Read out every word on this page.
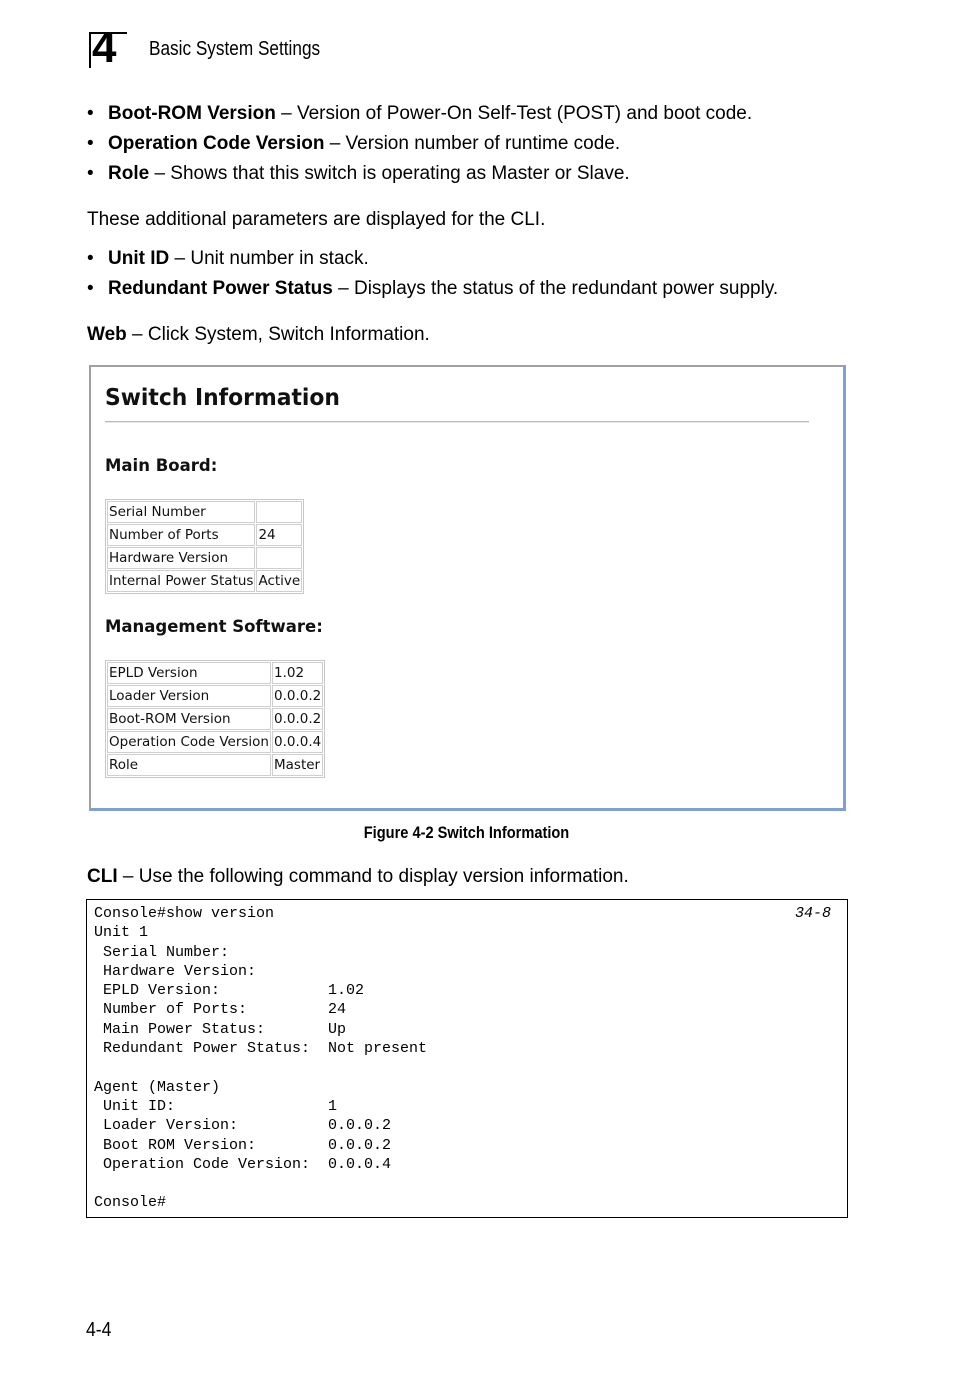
4 Basic System Settings
• Boot-ROM Version – Version of Power-On Self-Test (POST) and boot code.
• Operation Code Version – Version number of runtime code.
• Role – Shows that this switch is operating as Master or Slave.
These additional parameters are displayed for the CLI.
• Unit ID – Unit number in stack.
• Redundant Power Status – Displays the status of the redundant power supply.
Web – Click System, Switch Information.
Switch Information
Main Board:
Serial Number	
Number of Ports	24
Hardware Version	
Internal Power Status	Active
Management Software:
EPLD Version	1.02
Loader Version	0.0.0.2
Boot-ROM Version	0.0.0.2
Operation Code Version	0.0.0.4
Role	Master
Figure 4-2 Switch Information
CLI – Use the following command to display version information.
Console#show version
Unit 1
Serial Number:
Hardware Version:
EPLD Version:            1.02
Number of Ports:         24
Main Power Status:       Up
Redundant Power Status:  Not present

Agent (Master)
Unit ID:                 1
Loader Version:          0.0.0.2
Boot ROM Version:        0.0.0.2
Operation Code Version:  0.0.0.4

Console#
34-8
4-4
